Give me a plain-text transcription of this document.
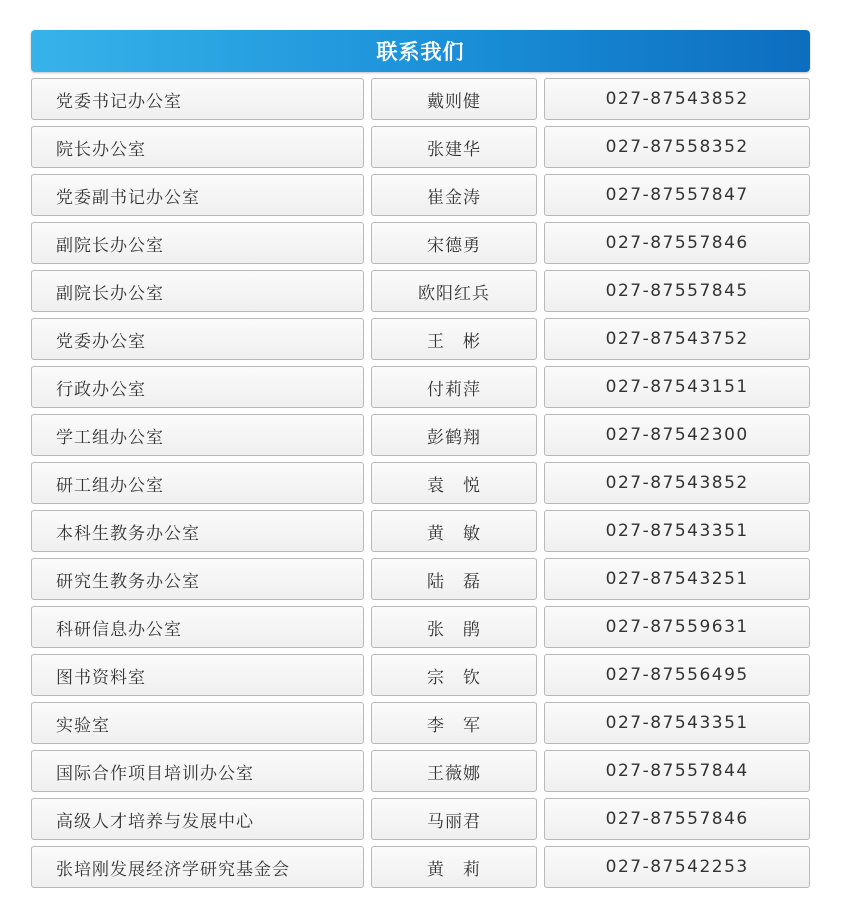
联系我们
党委书记办公室	戴则健	027-87543852
院长办公室	张建华	027-87558352
党委副书记办公室	崔金涛	027-87557847
副院长办公室	宋德勇	027-87557846
副院长办公室	欧阳红兵	027-87557845
党委办公室	王　彬	027-87543752
行政办公室	付莉萍	027-87543151
学工组办公室	彭鹤翔	027-87542300
研工组办公室	袁　悦	027-87543852
本科生教务办公室	黄　敏	027-87543351
研究生教务办公室	陆　磊	027-87543251
科研信息办公室	张　鹃	027-87559631
图书资料室	宗　钦	027-87556495
实验室	李　军	027-87543351
国际合作项目培训办公室	王薇娜	027-87557844
高级人才培养与发展中心	马丽君	027-87557846
张培刚发展经济学研究基金会	黄　莉	027-87542253
